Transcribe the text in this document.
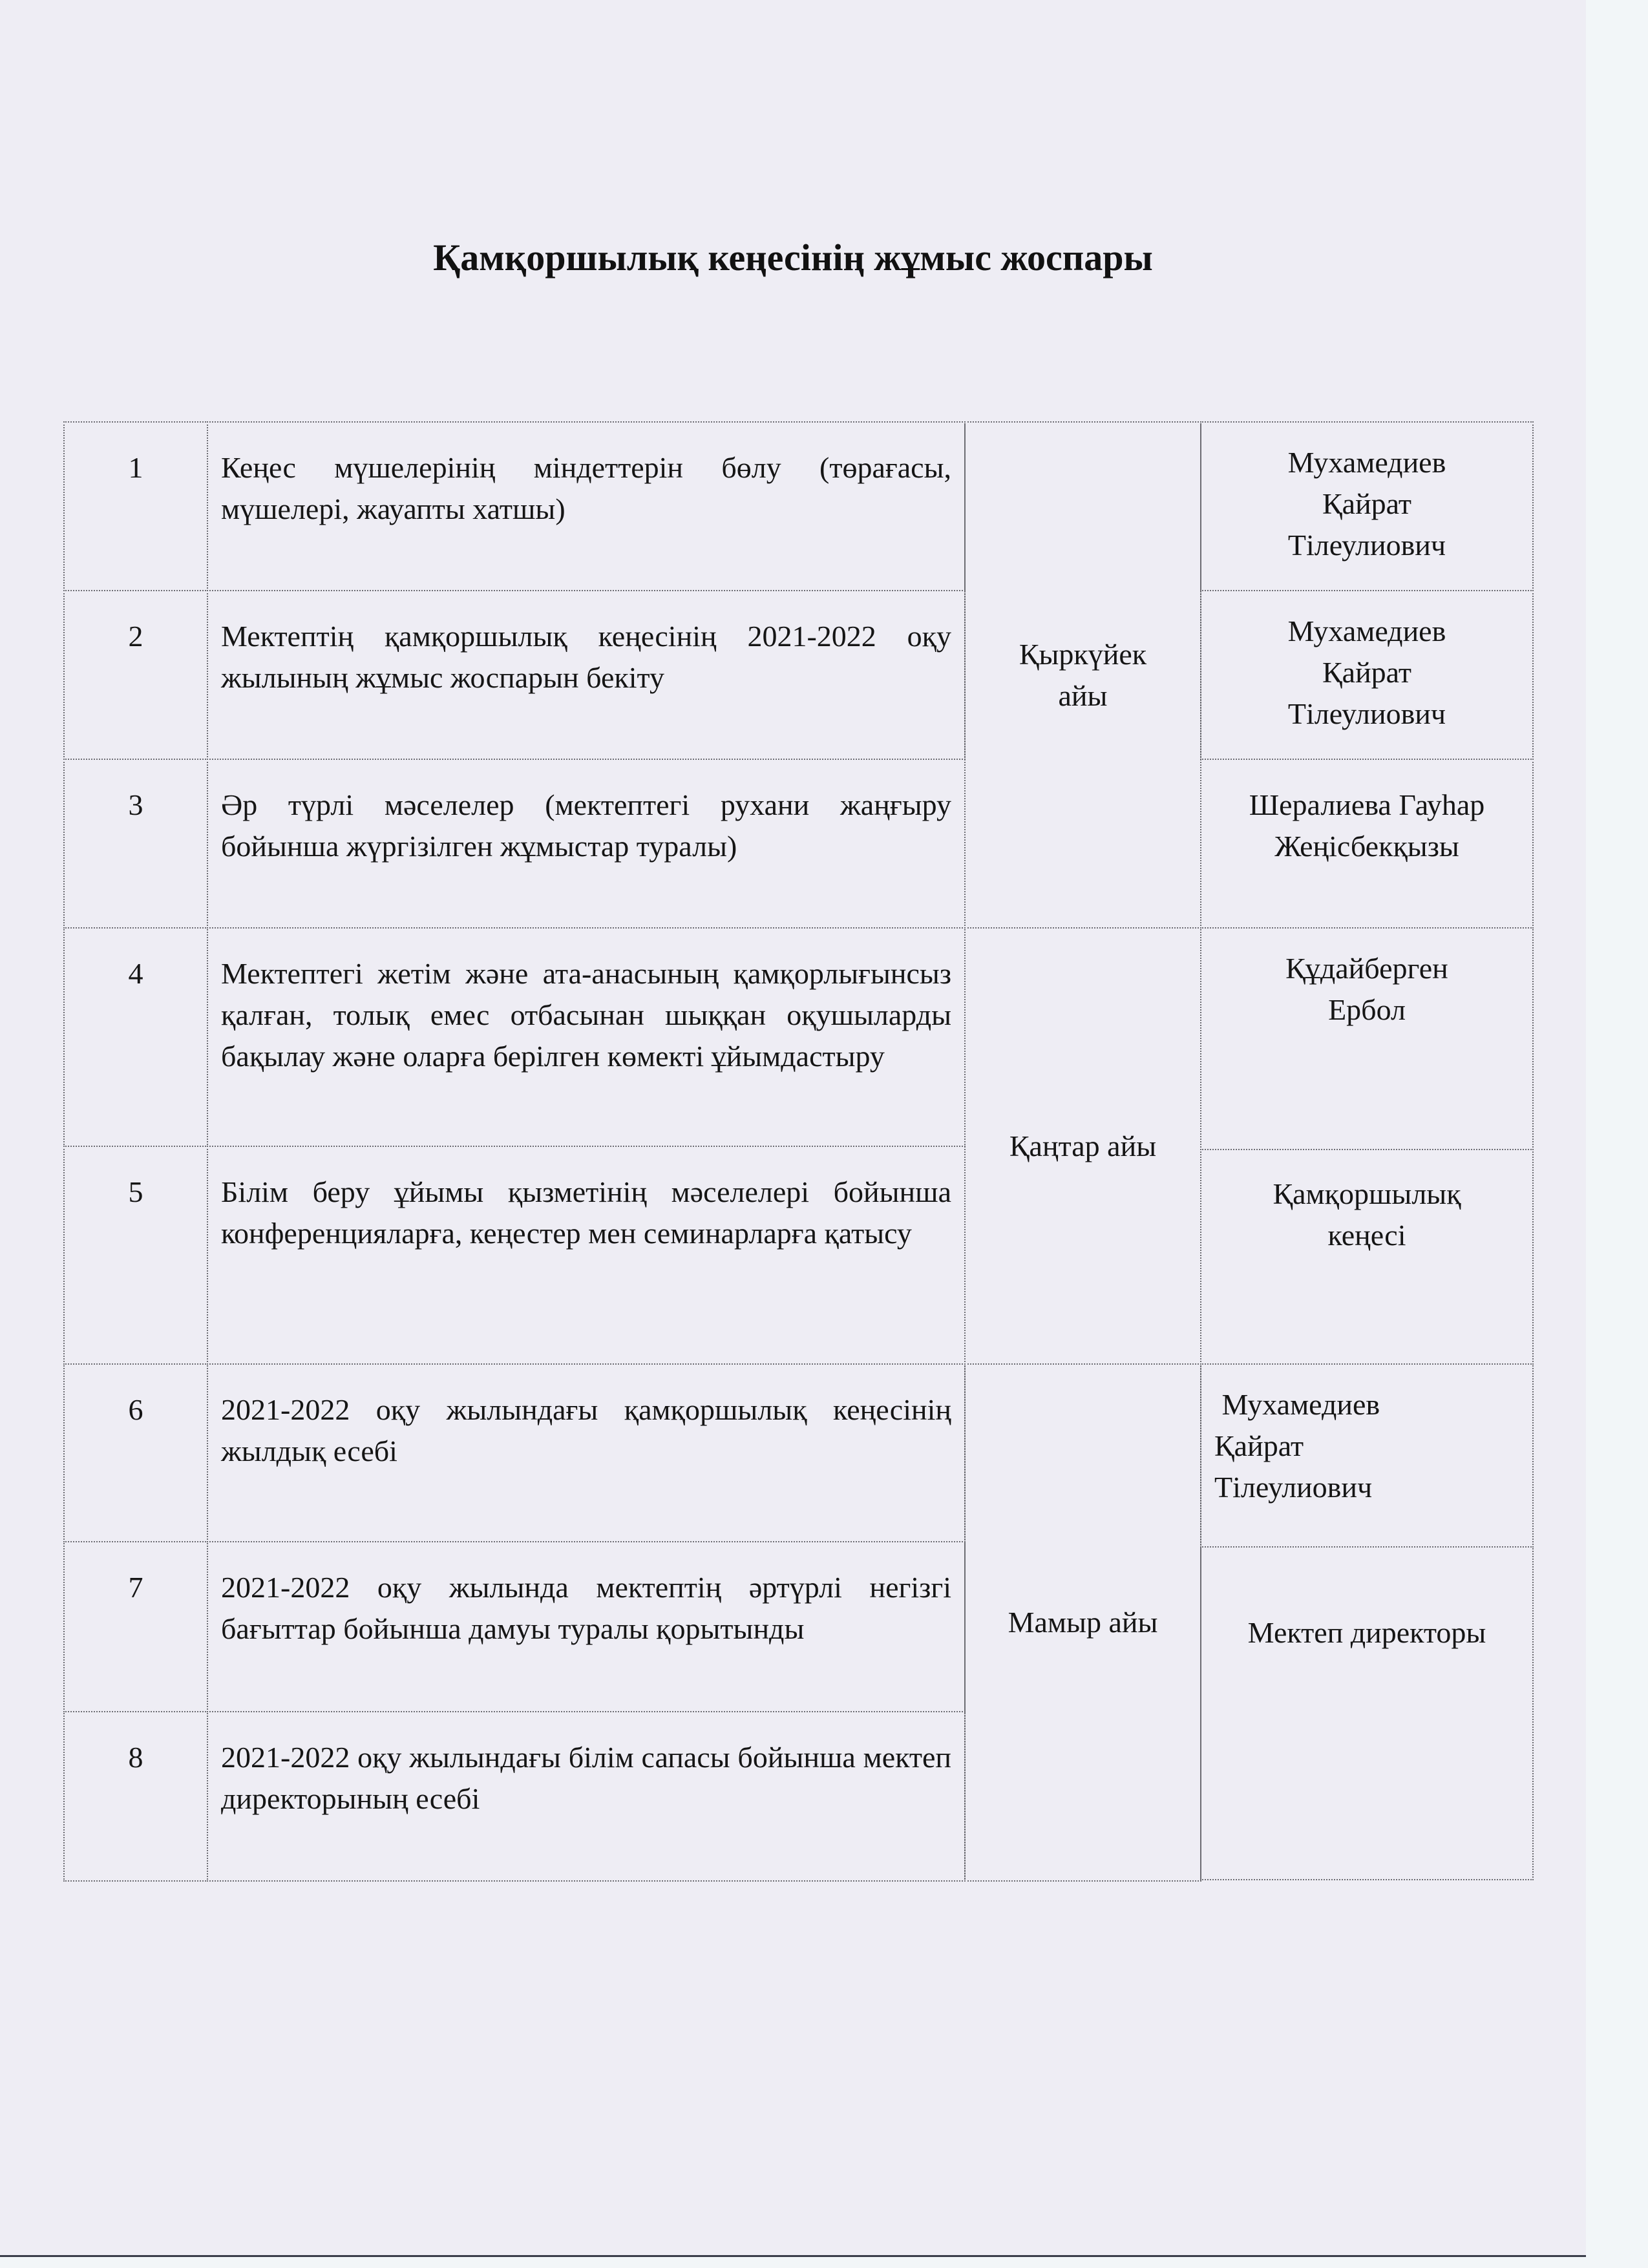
Қамқоршылық кеңесінің жұмыс жоспары
1
2
3
4
5
6
7
8
Кеңес мүшелерінің міндеттерін бөлу (төрағасы, мүшелері, жауапты хатшы)
Мектептің қамқоршылық кеңесінің 2021-2022 оқу жылының жұмыс жоспарын бекіту
Әр түрлі мәселелер (мектептегі рухани жаңғыру бойынша жүргізілген жұмыстар туралы)
Мектептегі жетім және ата-анасының қамқорлығынсыз қалған, толық емес отбасынан шыққан оқушыларды бақылау және оларға берілген көмекті ұйымдастыру
Білім беру ұйымы қызметінің мәселелері бойынша конференцияларға, кеңестер мен семинарларға қатысу
2021-2022 оқу жылындағы қамқоршылық кеңесінің жылдық есебі
2021-2022 оқу жылында мектептің әртүрлі негізгі бағыттар бойынша дамуы туралы қорытынды
2021-2022 оқу жылындағы білім сапасы бойынша мектеп директорының есебі
Қыркүйек
айы
Қаңтар айы
Мамыр айы
Мухамедиев
Қайрат
Тілеулиович
Мухамедиев
Қайрат
Тілеулиович
Шералиева Гауһар
Жеңісбекқызы
Құдайберген
Ербол
Қамқоршылық
кеңесі
Мухамедиев
Қайрат
Тілеулиович
Мектеп директоры
